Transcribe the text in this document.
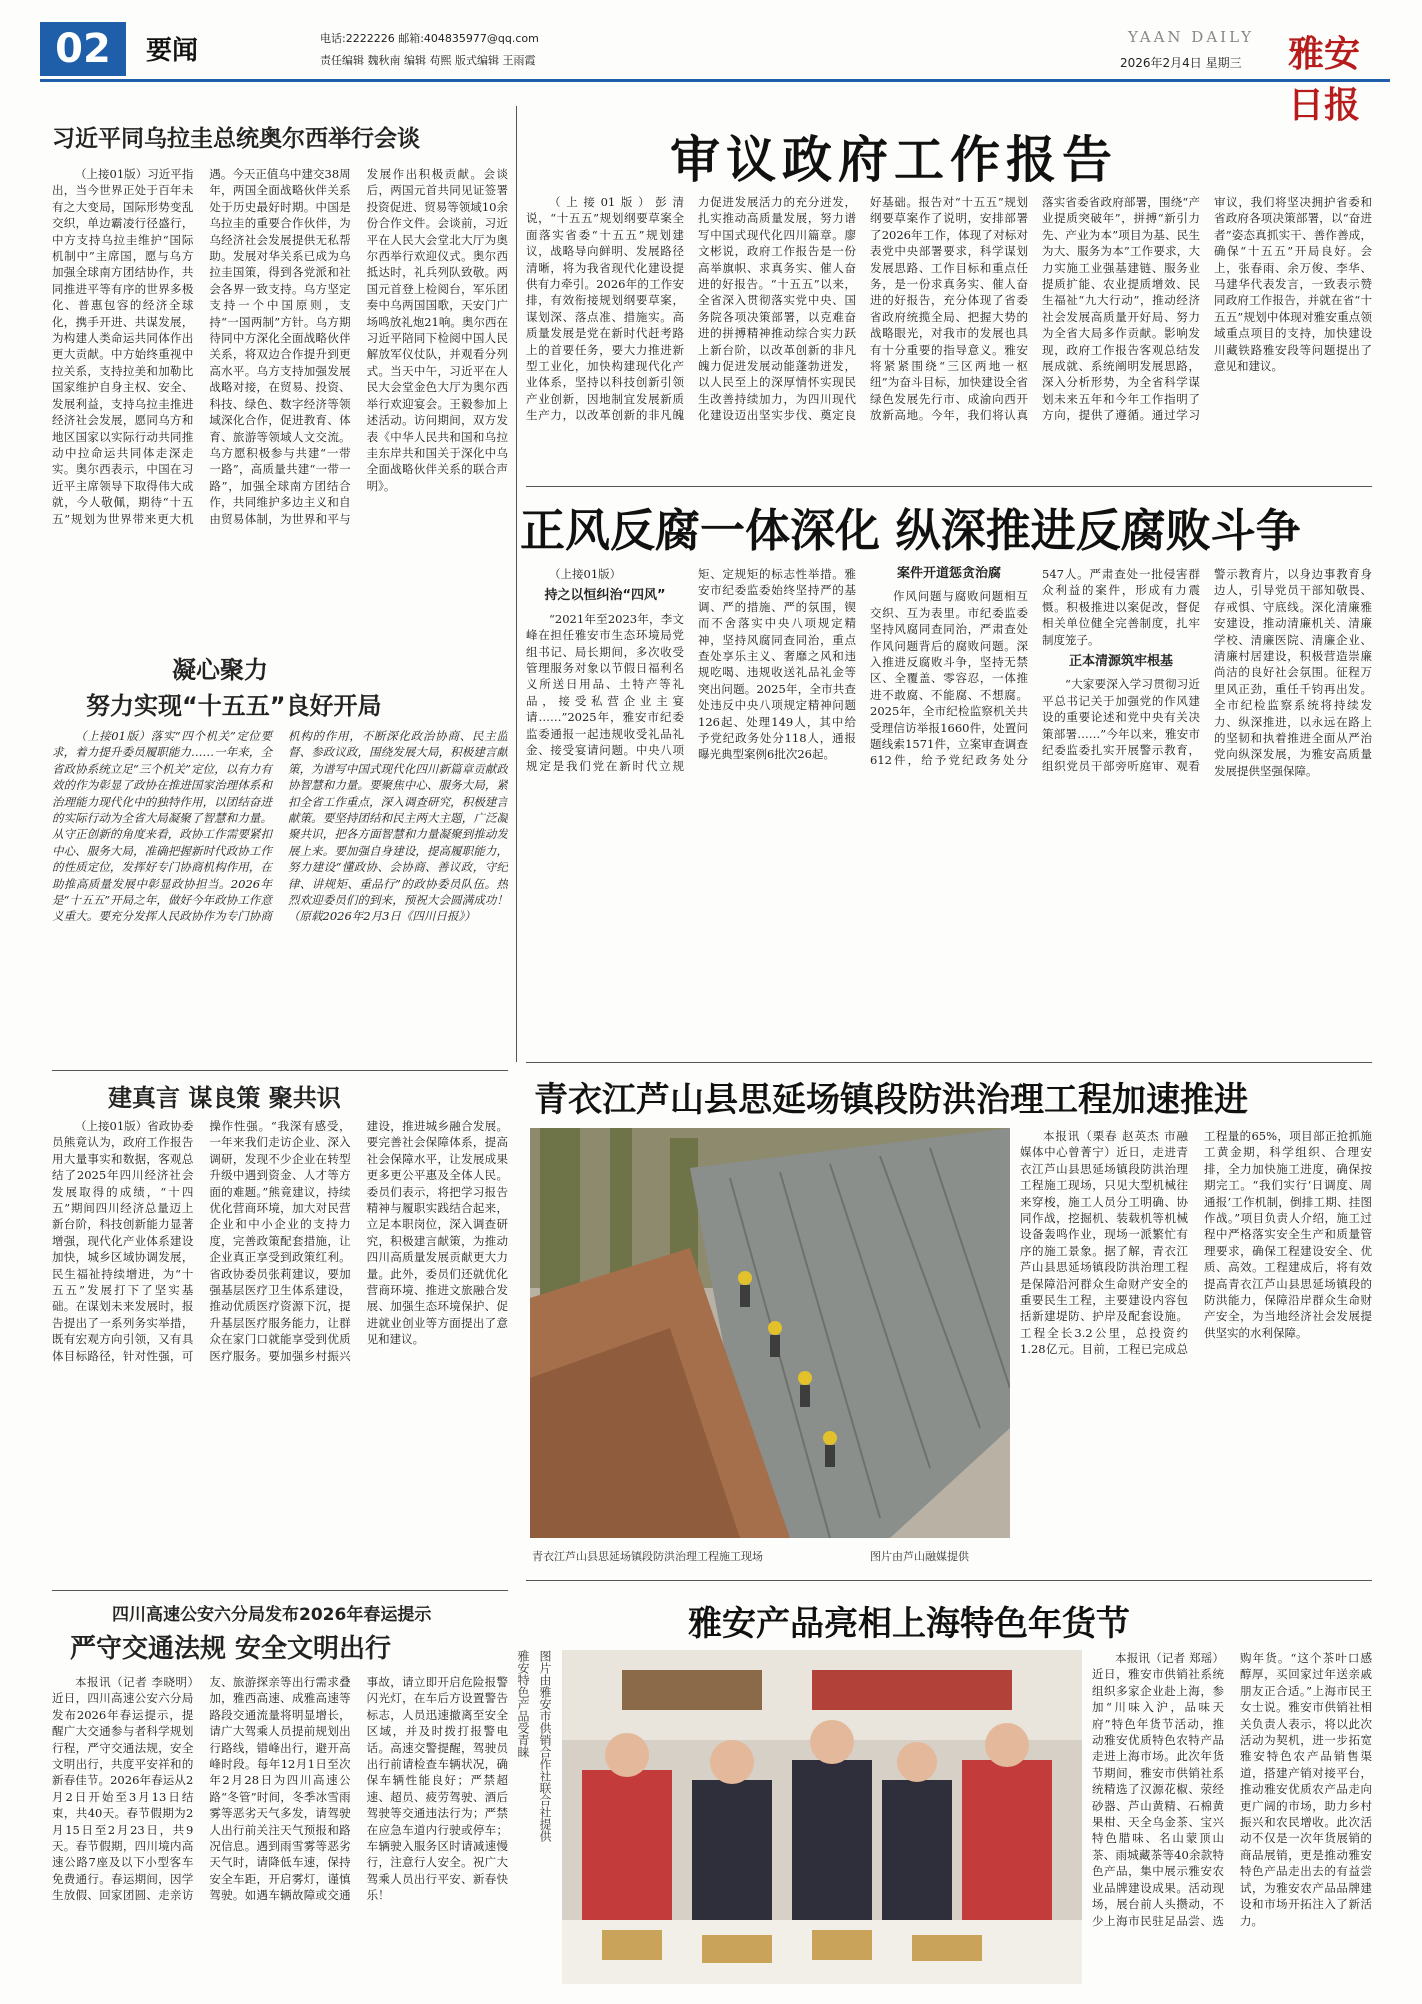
02	要闻	电话:2222226 邮箱:404835977@qq.com
责任编辑 魏秋南 编辑 苟熙 版式编辑 王雨霞
YAAN DAILY
2026年2月4日 星期三 雅安日报
习近平同乌拉圭总统奥尔西举行会谈

（上接01版）习近平指出，当今世界正处于百年未有之大变局，国际形势变乱交织，单边霸凌行径盛行，中方支持乌拉圭维护“国际机制中”主席国，愿与乌方加强全球南方团结协作，共同推进平等有序的世界多极化、普惠包容的经济全球化，携手开进、共谋发展，为构建人类命运共同体作出更大贡献。中方始终重视中拉关系，支持拉美和加勒比国家维护自身主权、安全、发展利益，支持乌拉圭推进经济社会发展，愿同乌方和地区国家以实际行动共同推动中拉命运共同体走深走实。奥尔西表示，中国在习近平主席领导下取得伟大成就，今人敬佩，期待“十五五”规划为世界带来更大机遇。今天正值乌中建交38周年，两国全面战略伙伴关系处于历史最好时期。中国是乌拉圭的重要合作伙伴，为乌经济社会发展提供无私帮助。发展对华关系已成为乌拉圭国策，得到各党派和社会各界一致支持。乌方坚定支持一个中国原则，支持“一国两制”方针。乌方期待同中方深化全面战略伙伴关系，将双边合作提升到更高水平。乌方支持加强发展战略对接，在贸易、投资、科技、绿色、数字经济等领域深化合作，促进教育、体育、旅游等领域人文交流。乌方愿积极参与共建“一带一路”，高质量共建“一带一路”，加强全球南方团结合作，共同维护多边主义和自由贸易体制，为世界和平与发展作出积极贡献。会谈后，两国元首共同见证签署投资促进、贸易等领域10余份合作文件。会谈前，习近平在人民大会堂北大厅为奥尔西举行欢迎仪式。奥尔西抵达时，礼兵列队致敬。两国元首登上检阅台，军乐团奏中乌两国国歌，天安门广场鸣放礼炮21响。奥尔西在习近平陪同下检阅中国人民解放军仪仗队，并观看分列式。当天中午，习近平在人民大会堂金色大厅为奥尔西举行欢迎宴会。王毅参加上述活动。访问期间，双方发表《中华人民共和国和乌拉圭东岸共和国关于深化中乌全面战略伙伴关系的联合声明》。

审议政府工作报告

（上接01版）彭清说，“十五五”规划纲要草案全面落实省委“十五五”规划建议，战略导向鲜明、发展路径清晰，将为我省现代化建设提供有力牵引。2026年的工作安排，有效衔接规划纲要草案，谋划深、落点准、措施实。高质量发展是党在新时代赶考路上的首要任务，要大力推进新型工业化，加快构建现代化产业体系，坚持以科技创新引领产业创新，因地制宜发展新质生产力，以改革创新的非凡魄力促进发展活力的充分迸发，扎实推动高质量发展，努力谱写中国式现代化四川篇章。廖文彬说，政府工作报告是一份高举旗帜、求真务实、催人奋进的好报告。“十五五”以来，全省深入贯彻落实党中央、国务院各项决策部署，以克难奋进的拼搏精神推动综合实力跃上新台阶，以改革创新的非凡魄力促进发展动能蓬勃迸发，以人民至上的深厚情怀实现民生改善持续加力，为四川现代化建设迈出坚实步伐、奠定良好基础。报告对“十五五”规划纲要草案作了说明，安排部署了2026年工作，体现了对标对表党中央部署要求，科学谋划发展思路、工作目标和重点任务，是一份求真务实、催人奋进的好报告，充分体现了省委省政府统揽全局、把握大势的战略眼光，对我市的发展也具有十分重要的指导意义。雅安将紧紧围绕“三区两地一枢纽”为奋斗目标，加快建设全省绿色发展先行市、成渝向西开放新高地。今年，我们将认真落实省委省政府部署，围绕“产业提质突破年”，拼搏“新引力先、产业为本”项目为基、民生为大、服务为本”工作要求，大力实施工业强基建链、服务业提质扩能、农业提质增效、民生福祉“九大行动”，推动经济社会发展高质量开好局、努力为全省大局多作贡献。影响发现，政府工作报告客观总结发展成就、系统阐明发展思路，深入分析形势，为全省科学谋划未来五年和今年工作指明了方向，提供了遵循。通过学习审议，我们将坚决拥护省委和省政府各项决策部署，以“奋进者”姿态真抓实干、善作善成，确保“十五五”开局良好。会上，张春雨、余万俊、李华、马建华代表发言，一致表示赞同政府工作报告，并就在省“十五五”规划中体现对雅安重点领域重点项目的支持，加快建设川藏铁路雅安段等问题提出了意见和建议。

凝心聚力
努力实现“十五五”良好开局

（上接01版）落实“四个机关”定位要求，着力提升委员履职能力……一年来，全省政协系统立足“三个机关”定位，以有力有效的作为彰显了政协在推进国家治理体系和治理能力现代化中的独特作用，以团结奋进的实际行动为全省大局凝聚了智慧和力量。从守正创新的角度来看，政协工作需要紧扣中心、服务大局，准确把握新时代政协工作的性质定位，发挥好专门协商机构作用，在助推高质量发展中彰显政协担当。2026年是“十五五”开局之年，做好今年政协工作意义重大。要充分发挥人民政协作为专门协商机构的作用，不断深化政治协商、民主监督、参政议政，围绕发展大局，积极建言献策，为谱写中国式现代化四川新篇章贡献政协智慧和力量。要聚焦中心、服务大局，紧扣全省工作重点，深入调查研究，积极建言献策。要坚持团结和民主两大主题，广泛凝聚共识，把各方面智慧和力量凝聚到推动发展上来。要加强自身建设，提高履职能力，努力建设“懂政协、会协商、善议政，守纪律、讲规矩、重品行”的政协委员队伍。热烈欢迎委员们的到来，预祝大会圆满成功！（原载2026年2月3日《四川日报》）

建真言 谋良策 聚共识

（上接01版）省政协委员熊竟认为，政府工作报告用大量事实和数据，客观总结了2025年四川经济社会发展取得的成绩，“十四五”期间四川经济总量迈上新台阶，科技创新能力显著增强，现代化产业体系建设加快，城乡区域协调发展，民生福祉持续增进，为“十五五”发展打下了坚实基础。在谋划未来发展时，报告提出了一系列务实举措，既有宏观方向引领，又有具体目标路径，针对性强，可操作性强。“我深有感受，一年来我们走访企业、深入调研，发现不少企业在转型升级中遇到资金、人才等方面的难题。”熊竟建议，持续优化营商环境，加大对民营企业和中小企业的支持力度，完善政策配套措施，让企业真正享受到政策红利。省政协委员张莉建议，要加强基层医疗卫生体系建设，推动优质医疗资源下沉，提升基层医疗服务能力，让群众在家门口就能享受到优质医疗服务。要加强乡村振兴建设，推进城乡融合发展。要完善社会保障体系，提高社会保障水平，让发展成果更多更公平惠及全体人民。委员们表示，将把学习报告精神与履职实践结合起来，立足本职岗位，深入调查研究，积极建言献策，为推动四川高质量发展贡献更大力量。此外，委员们还就优化营商环境、推进文旅融合发展、加强生态环境保护、促进就业创业等方面提出了意见和建议。

正风反腐一体深化 纵深推进反腐败斗争

（上接01版）

持之以恒纠治“四风”

“2021年至2023年，李文峰在担任雅安市生态环境局党组书记、局长期间，多次收受管理服务对象以节假日福利名义所送日用品、土特产等礼品，接受私营企业主宴请……”2025年，雅安市纪委监委通报一起违规收受礼品礼金、接受宴请问题。中央八项规定是我们党在新时代立规矩、定规矩的标志性举措。雅安市纪委监委始终坚持严的基调、严的措施、严的氛围，锲而不舍落实中央八项规定精神，坚持风腐同查同治，重点查处享乐主义、奢靡之风和违规吃喝、违规收送礼品礼金等突出问题。2025年，全市共查处违反中央八项规定精神问题126起、处理149人，其中给予党纪政务处分118人，通报曝光典型案例6批次26起。

案件开道惩贪治腐

作风问题与腐败问题相互交织、互为表里。市纪委监委坚持风腐同查同治，严肃查处作风问题背后的腐败问题。深入推进反腐败斗争，坚持无禁区、全覆盖、零容忍，一体推进不敢腐、不能腐、不想腐。2025年，全市纪检监察机关共受理信访举报1660件，处置问题线索1571件，立案审查调查612件，给予党纪政务处分547人。严肃查处一批侵害群众利益的案件，形成有力震慑。积极推进以案促改，督促相关单位健全完善制度，扎牢制度笼子。

正本清源筑牢根基

“大家要深入学习贯彻习近平总书记关于加强党的作风建设的重要论述和党中央有关决策部署……”今年以来，雅安市纪委监委扎实开展警示教育，组织党员干部旁听庭审、观看警示教育片，以身边事教育身边人，引导党员干部知敬畏、存戒惧、守底线。深化清廉雅安建设，推动清廉机关、清廉学校、清廉医院、清廉企业、清廉村居建设，积极营造崇廉尚洁的良好社会氛围。征程万里风正劲，重任千钧再出发。全市纪检监察系统将持续发力、纵深推进，以永远在路上的坚韧和执着推进全面从严治党向纵深发展，为雅安高质量发展提供坚强保障。

青衣江芦山县思延场镇段防洪治理工程加速推进
青衣江芦山县思延场镇段防洪治理工程施工现场	图片由芦山融媒提供

本报讯（栗春 赵英杰 市融媒体中心曾菁宁）近日，走进青衣江芦山县思延场镇段防洪治理工程施工现场，只见大型机械往来穿梭，施工人员分工明确、协同作战，挖掘机、装载机等机械设备轰鸣作业，现场一派繁忙有序的施工景象。据了解，青衣江芦山县思延场镇段防洪治理工程是保障沿河群众生命财产安全的重要民生工程，主要建设内容包括新建堤防、护岸及配套设施。工程全长3.2公里，总投资约1.28亿元。目前，工程已完成总工程量的65%，项目部正抢抓施工黄金期，科学组织、合理安排，全力加快施工进度，确保按期完工。“我们实行‘日调度、周通报’工作机制，倒排工期、挂图作战。”项目负责人介绍，施工过程中严格落实安全生产和质量管理要求，确保工程建设安全、优质、高效。工程建成后，将有效提高青衣江芦山县思延场镇段的防洪能力，保障沿岸群众生命财产安全，为当地经济社会发展提供坚实的水利保障。

四川高速公安六分局发布2026年春运提示
严守交通法规 安全文明出行

本报讯（记者 李晓明）近日，四川高速公安六分局发布2026年春运提示，提醒广大交通参与者科学规划行程，严守交通法规，安全文明出行，共度平安祥和的新春佳节。2026年春运从2月2日开始至3月13日结束，共40天。春节假期为2月15日至2月23日，共9天。春节假期，四川境内高速公路7座及以下小型客车免费通行。春运期间，因学生放假、回家团圆、走亲访友、旅游探亲等出行需求叠加，雅西高速、成雅高速等路段交通流量将明显增长，请广大驾乘人员提前规划出行路线，错峰出行，避开高峰时段。每年12月1日至次年2月28日为四川高速公路“冬管”时间，冬季冰雪雨雾等恶劣天气多发，请驾驶人出行前关注天气预报和路况信息。遇到雨雪雾等恶劣天气时，请降低车速，保持安全车距，开启雾灯，谨慎驾驶。如遇车辆故障或交通事故，请立即开启危险报警闪光灯，在车后方设置警告标志，人员迅速撤离至安全区域，并及时拨打报警电话。高速交警提醒，驾驶员出行前请检查车辆状况，确保车辆性能良好；严禁超速、超员、疲劳驾驶、酒后驾驶等交通违法行为；严禁在应急车道内行驶或停车；车辆驶入服务区时请减速慢行，注意行人安全。祝广大驾乘人员出行平安、新春快乐！

雅安产品亮相上海特色年货节
雅安特色产品受青睐 图片由雅安市供销合作社联合社提供	本报讯（记者 郑瑶）近日，雅安市供销社系统组织多家企业赴上海，参加“川味入沪，品味天府”特色年货节活动，推动雅安优质特色农特产品走进上海市场。此次年货节期间，雅安市供销社系统精选了汉源花椒、荥经砂器、芦山黄精、石棉黄果柑、天全乌金茶、宝兴特色腊味、名山蒙顶山茶、雨城藏茶等40余款特色产品，集中展示雅安农业品牌建设成果。活动现场，展台前人头攒动，不少上海市民驻足品尝、选购年货。“这个茶叶口感醇厚，买回家过年送亲戚朋友正合适。”上海市民王女士说。雅安市供销社相关负责人表示，将以此次活动为契机，进一步拓宽雅安特色农产品销售渠道，搭建产销对接平台，推动雅安优质农产品走向更广阔的市场，助力乡村振兴和农民增收。此次活动不仅是一次年货展销的商品展销，更是推动雅安特色产品走出去的有益尝试，为雅安农产品品牌建设和市场开拓注入了新活力。
